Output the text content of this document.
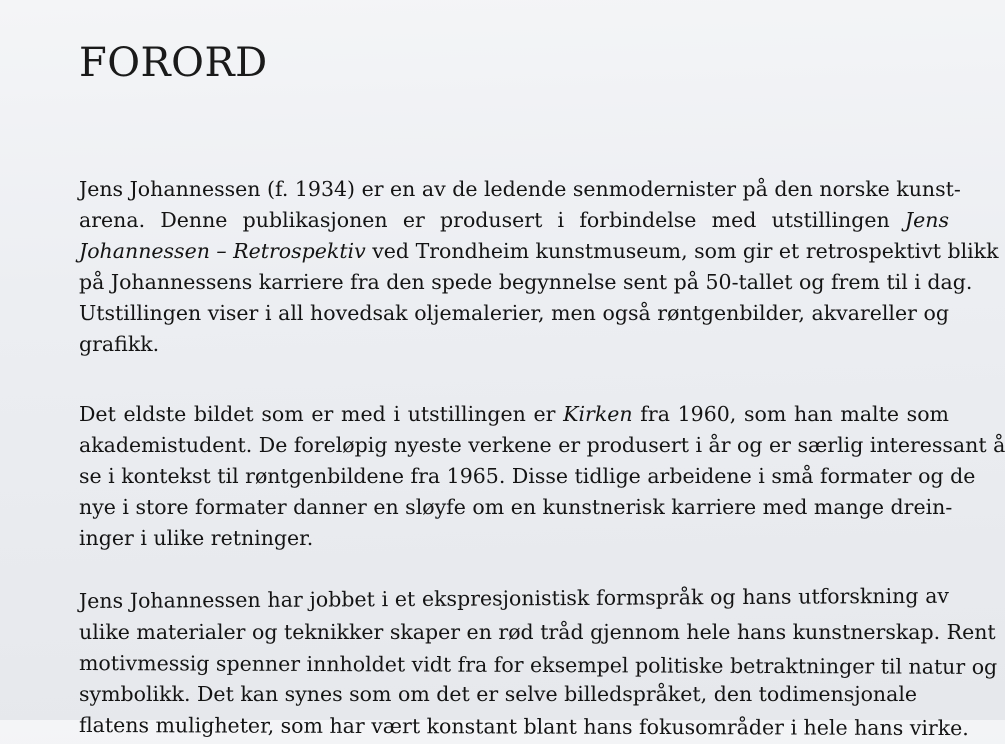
FORORD
Jens Johannessen (f. 1934) er en av de ledende senmodernister på den norske kunst-
arena. Denne publikasjonen er produsert i forbindelse med utstillingen Jens
Johannessen – Retrospektiv ved Trondheim kunstmuseum, som gir et retrospektivt blikk
på Johannessens karriere fra den spede begynnelse sent på 50-tallet og frem til i dag.
Utstillingen viser i all hovedsak oljemalerier, men også røntgenbilder, akvareller og
grafikk.
Det eldste bildet som er med i utstillingen er Kirken fra 1960, som han malte som
akademistudent. De foreløpig nyeste verkene er produsert i år og er særlig interessant å
se i kontekst til røntgenbildene fra 1965. Disse tidlige arbeidene i små formater og de
nye i store formater danner en sløyfe om en kunstnerisk karriere med mange drein-
inger i ulike retninger.
Jens Johannessen har jobbet i et ekspresjonistisk formspråk og hans utforskning av
ulike materialer og teknikker skaper en rød tråd gjennom hele hans kunstnerskap. Rent
motivmessig spenner innholdet vidt fra for eksempel politiske betraktninger til natur og
symbolikk. Det kan synes som om det er selve billedspråket, den todimensjonale
flatens muligheter, som har vært konstant blant hans fokusområder i hele hans virke.
